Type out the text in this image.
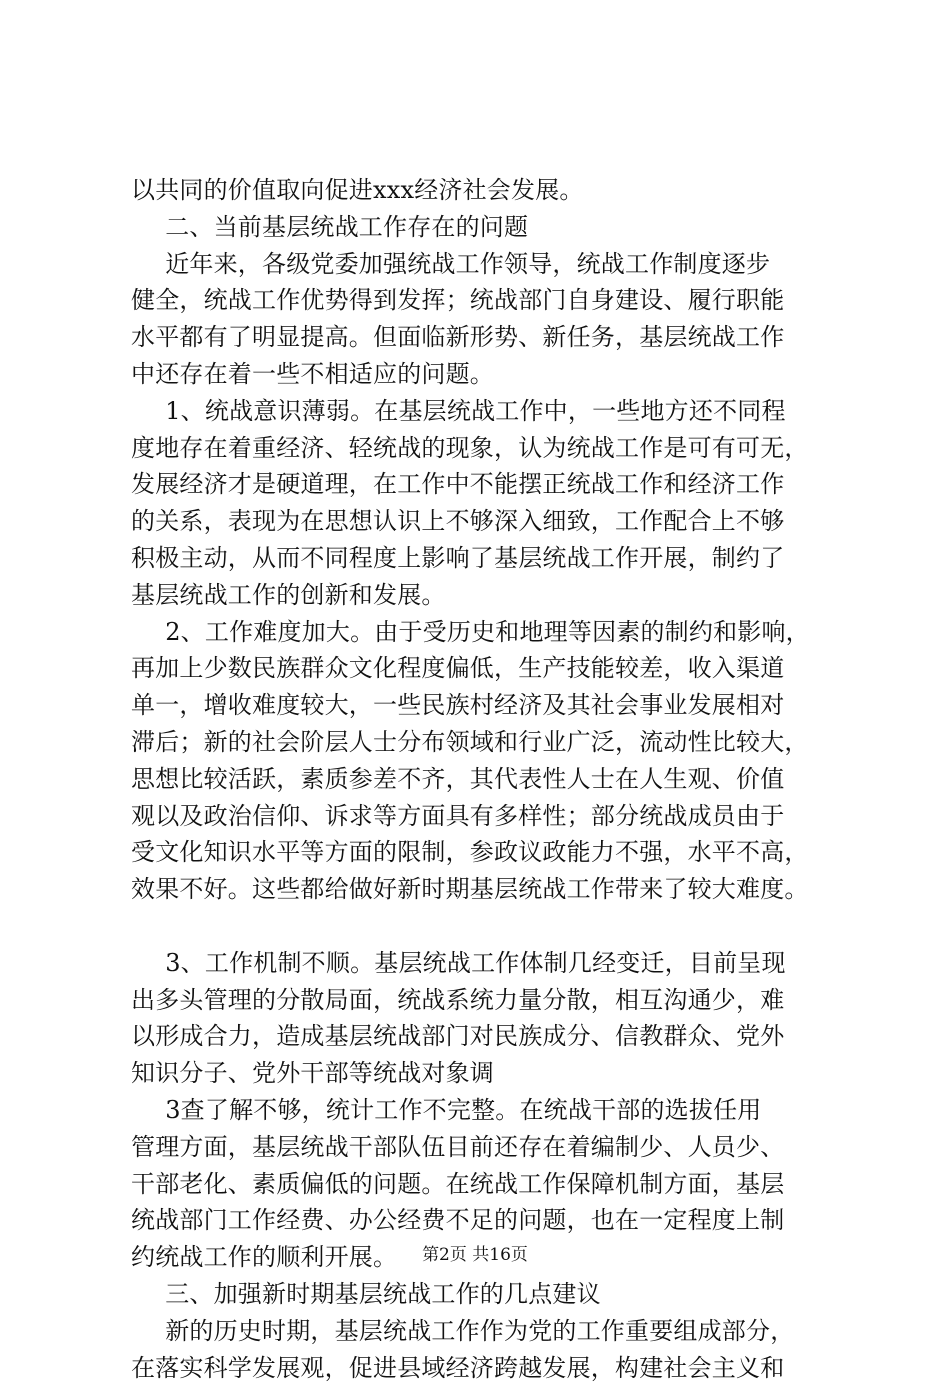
以共同的价值取向促进xxx经济社会发展。
　二、当前基层统战工作存在的问题
　近年来，各级党委加强统战工作领导，统战工作制度逐步
健全，统战工作优势得到发挥；统战部门自身建设、履行职能
水平都有了明显提高。但面临新形势、新任务，基层统战工作
中还存在着一些不相适应的问题。
　1、统战意识薄弱。在基层统战工作中，一些地方还不同程
度地存在着重经济、轻统战的现象，认为统战工作是可有可无，
发展经济才是硬道理，在工作中不能摆正统战工作和经济工作
的关系，表现为在思想认识上不够深入细致，工作配合上不够
积极主动，从而不同程度上影响了基层统战工作开展，制约了
基层统战工作的创新和发展。
　2、工作难度加大。由于受历史和地理等因素的制约和影响，
再加上少数民族群众文化程度偏低，生产技能较差，收入渠道
单一，增收难度较大，一些民族村经济及其社会事业发展相对
滞后；新的社会阶层人士分布领域和行业广泛，流动性比较大，
思想比较活跃，素质参差不齐，其代表性人士在人生观、价值
观以及政治信仰、诉求等方面具有多样性；部分统战成员由于
受文化知识水平等方面的限制，参政议政能力不强，水平不高，
效果不好。这些都给做好新时期基层统战工作带来了较大难度。
　3、工作机制不顺。基层统战工作体制几经变迁，目前呈现
出多头管理的分散局面，统战系统力量分散，相互沟通少，难
以形成合力，造成基层统战部门对民族成分、信教群众、党外
知识分子、党外干部等统战对象调
　3查了解不够，统计工作不完整。在统战干部的选拔任用
管理方面，基层统战干部队伍目前还存在着编制少、人员少、
干部老化、素质偏低的问题。在统战工作保障机制方面，基层
统战部门工作经费、办公经费不足的问题，也在一定程度上制
约统战工作的顺利开展。
　三、加强新时期基层统战工作的几点建议
　新的历史时期，基层统战工作作为党的工作重要组成部分，
在落实科学发展观，促进县域经济跨越发展，构建社会主义和
第2页 共16页
